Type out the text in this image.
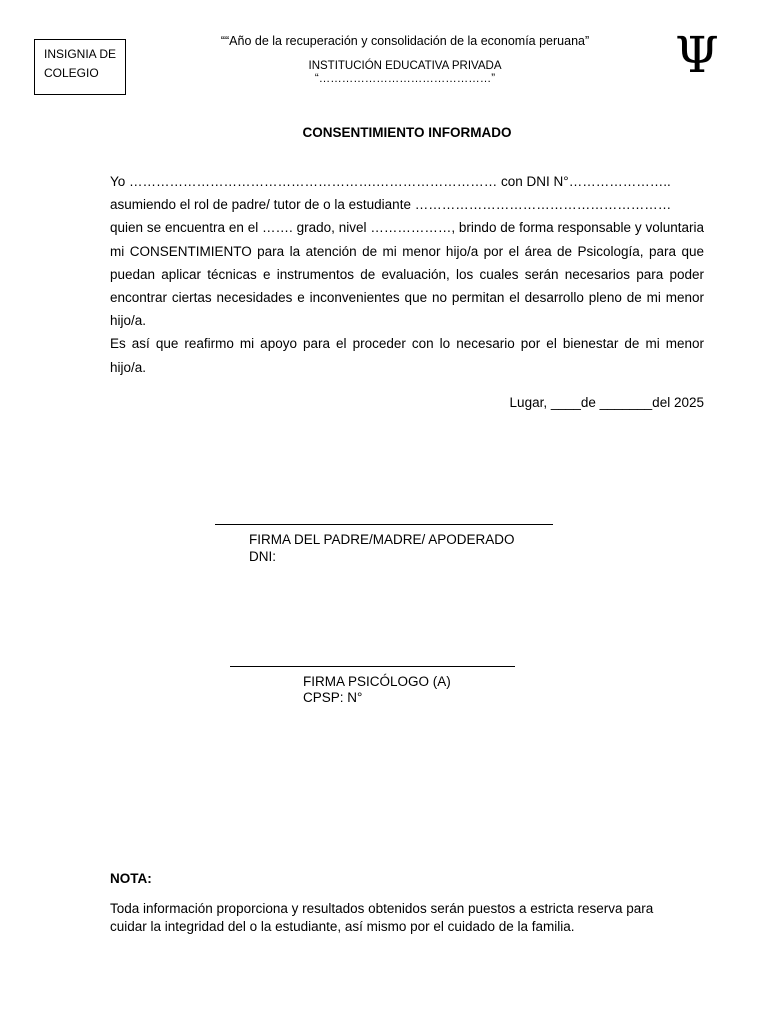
INSIGNIA DE
COLEGIO
““Año de la recuperación y consolidación de la economía peruana”
INSTITUCIÓN EDUCATIVA PRIVADA
“………………………………………”	Ψ
CONSENTIMIENTO INFORMADO
Yo ……………………………………………….……………………… con DNI N°…………………..
asumiendo el rol de padre/ tutor de o la estudiante …………………………………………………
quien se encuentra en el ……. grado, nivel ………………, brindo de forma responsable y voluntaria mi CONSENTIMIENTO para la atención de mi menor hijo/a por el área de Psicología, para que puedan aplicar técnicas e instrumentos de evaluación, los cuales serán necesarios para poder encontrar ciertas necesidades e inconvenientes que no permitan el desarrollo pleno de mi menor hijo/a.
Es así que reafirmo mi apoyo para el proceder con lo necesario por el bienestar de mi menor hijo/a.
Lugar, ____de _______del 2025
FIRMA DEL PADRE/MADRE/ APODERADO
DNI:
FIRMA PSICÓLOGO (A)
CPSP: N°
NOTA:
Toda información proporciona y resultados obtenidos serán puestos a estricta reserva para
cuidar la integridad del o la estudiante, así mismo por el cuidado de la familia.
